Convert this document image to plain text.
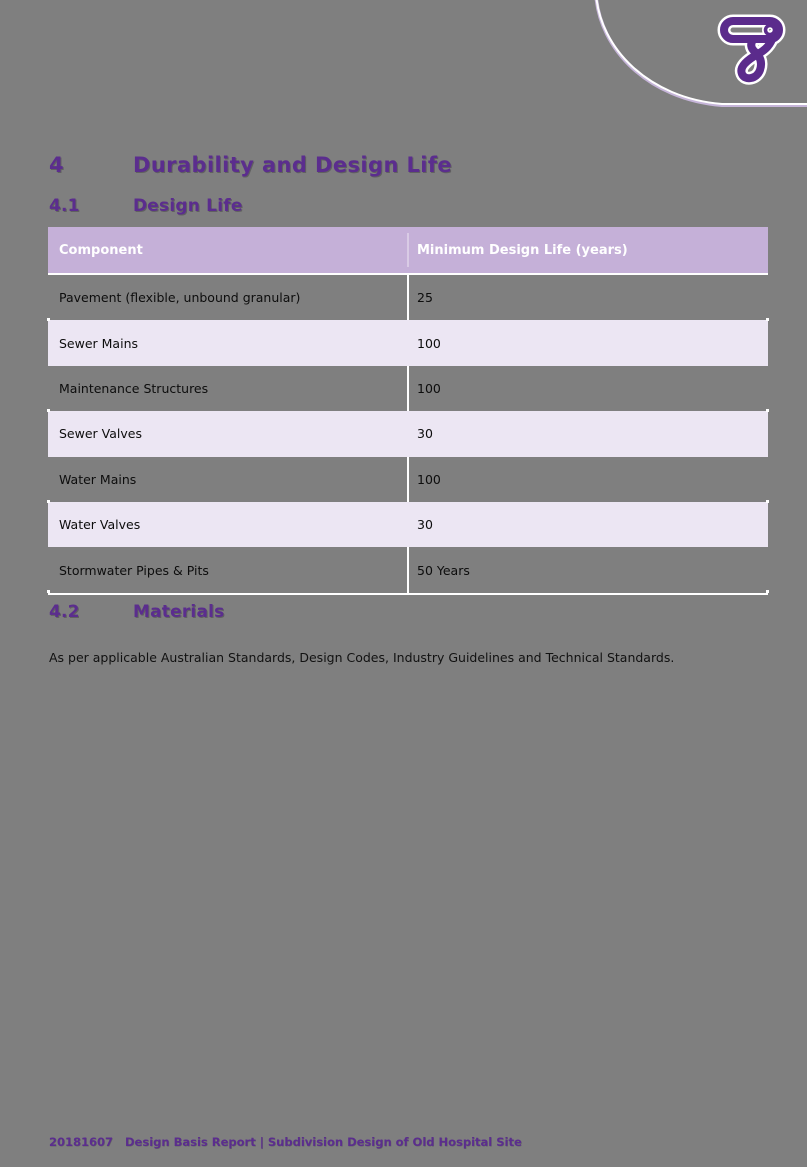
4	Durability and Design Life
4.1	Design Life
Component	Minimum Design Life (years)
Pavement (flexible, unbound granular)	25
Sewer Mains	100
Maintenance Structures	100
Sewer Valves	30
Water Mains	100
Water Valves	30
Stormwater Pipes & Pits	50 Years
4.2	Materials

As per applicable Australian Standards, Design Codes, Industry Guidelines and Technical Standards.

20181607 Design Basis Report | Subdivision Design of Old Hospital Site
